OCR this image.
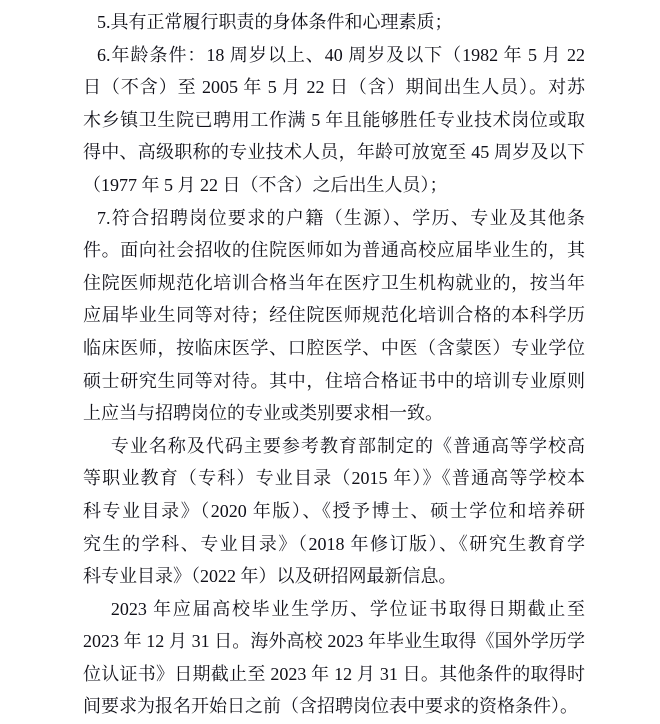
5.具有正常履行职责的身体条件和心理素质；
6.年龄条件：18 周岁以上、40 周岁及以下（1982 年 5 月 22
日（不含）至 2005 年 5 月 22 日（含）期间出生人员）。对苏
木乡镇卫生院已聘用工作满 5 年且能够胜任专业技术岗位或取
得中、高级职称的专业技术人员，年龄可放宽至 45 周岁及以下
（1977 年 5 月 22 日（不含）之后出生人员）；
7.符合招聘岗位要求的户籍（生源）、学历、专业及其他条
件。面向社会招收的住院医师如为普通高校应届毕业生的，其
住院医师规范化培训合格当年在医疗卫生机构就业的，按当年
应届毕业生同等对待；经住院医师规范化培训合格的本科学历
临床医师，按临床医学、口腔医学、中医（含蒙医）专业学位
硕士研究生同等对待。其中，住培合格证书中的培训专业原则
上应当与招聘岗位的专业或类别要求相一致。
专业名称及代码主要参考教育部制定的《普通高等学校高
等职业教育（专科）专业目录（2015 年）》《普通高等学校本
科专业目录》（2020 年版）、《授予博士、硕士学位和培养研
究生的学科、专业目录》（2018 年修订版）、《研究生教育学
科专业目录》（2022 年）以及研招网最新信息。
2023 年应届高校毕业生学历、学位证书取得日期截止至
2023 年 12 月 31 日。海外高校 2023 年毕业生取得《国外学历学
位认证书》日期截止至 2023 年 12 月 31 日。其他条件的取得时
间要求为报名开始日之前（含招聘岗位表中要求的资格条件）。
